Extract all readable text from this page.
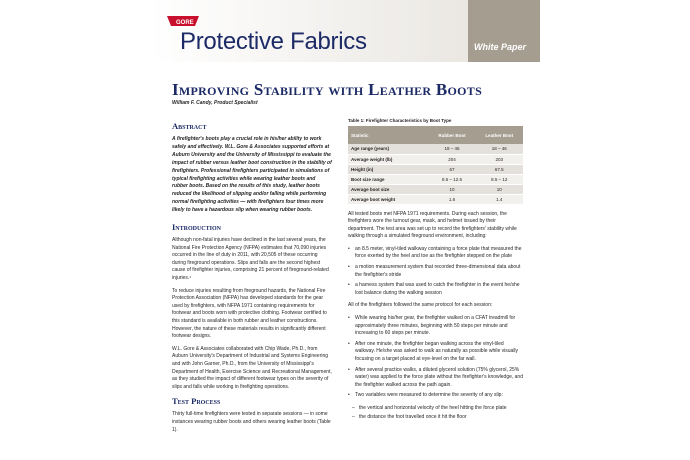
GORE
Protective Fabrics	White Paper
Improving Stability with Leather Boots
William F. Candy, Product Specialist
Abstract

A firefighter's boots play a crucial role in his/her ability to work safely and effectively. W.L. Gore & Associates supported efforts at Auburn University and the University of Mississippi to evaluate the impact of rubber versus leather boot construction in the stability of firefighters. Professional firefighters participated in simulations of typical firefighting activities while wearing leather boots and rubber boots. Based on the results of this study, leather boots reduced the likelihood of slipping and/or falling while performing normal firefighting activities — with firefighters four times more likely to have a hazardous slip when wearing rubber boots.

Introduction

Although non-fatal injuries have declined in the last several years, the National Fire Protection Agency (NFPA) estimates that 70,090 injuries occurred in the line of duty in 2011, with 20,505 of these occurring during fireground operations. Slips and falls are the second highest cause of firefighter injuries, comprising 21 percent of fireground-related injuries.¹

To reduce injuries resulting from fireground hazards, the National Fire Protection Association (NFPA) has developed standards for the gear used by firefighters, with NFPA 1971 containing requirements for footwear and boots worn with protective clothing. Footwear certified to this standard is available in both rubber and leather constructions. However, the nature of these materials results in significantly different footwear designs.

W.L. Gore & Associates collaborated with Chip Wade, Ph.D., from Auburn University's Department of Industrial and Systems Engineering and with John Garner, Ph.D., from the University of Mississippi's Department of Health, Exercise Science and Recreational Management, as they studied the impact of different footwear types on the severity of slips and falls while working in firefighting operations.

Test Process

Thirty full-time firefighters were tested in separate sessions — in some instances wearing rubber boots and others wearing leather boots (Table 1).

Table 1: Firefighter Characteristics by Boot Type
Statistic	Rubber Boot	Leather Boot
Age range (years)	18 – 46	18 – 46
Average weight (lb)	204	203
Height (in)	67	67.5
Boot size range	8.5 – 12.5	8.5 – 12
Average boot size	10	10
Average boot weight	1.6	1.4

All tested boots met NFPA 1971 requirements. During each session, the firefighters wore the turnout gear, mask, and helmet issued by their department. The test area was set up to record the firefighters' stability while walking through a simulated fireground environment, including:

• an 8.5 meter, vinyl-tiled walkway containing a force plate that measured the force exerted by the heel and toe as the firefighter stepped on the plate
• a motion measurement system that recorded three-dimensional data about the firefighter's stride
• a harness system that was used to catch the firefighter in the event he/she lost balance during the walking session

All of the firefighters followed the same protocol for each session:

• While wearing his/her gear, the firefighter walked on a CFAT treadmill for approximately three minutes, beginning with 50 steps per minute and increasing to 60 steps per minute.
• After one minute, the firefighter began walking across the vinyl-tiled walkway. He/she was asked to walk as naturally as possible while visually focusing on a target placed at eye-level on the far wall.
• After several practice walks, a diluted glycerol solution (75% glycerol, 25% water) was applied to the force plate without the firefighter's knowledge, and the firefighter walked across the path again.
• Two variables were measured to determine the severity of any slip:
– the vertical and horizontal velocity of the heel hitting the force plate
– the distance the foot travelled once it hit the floor
